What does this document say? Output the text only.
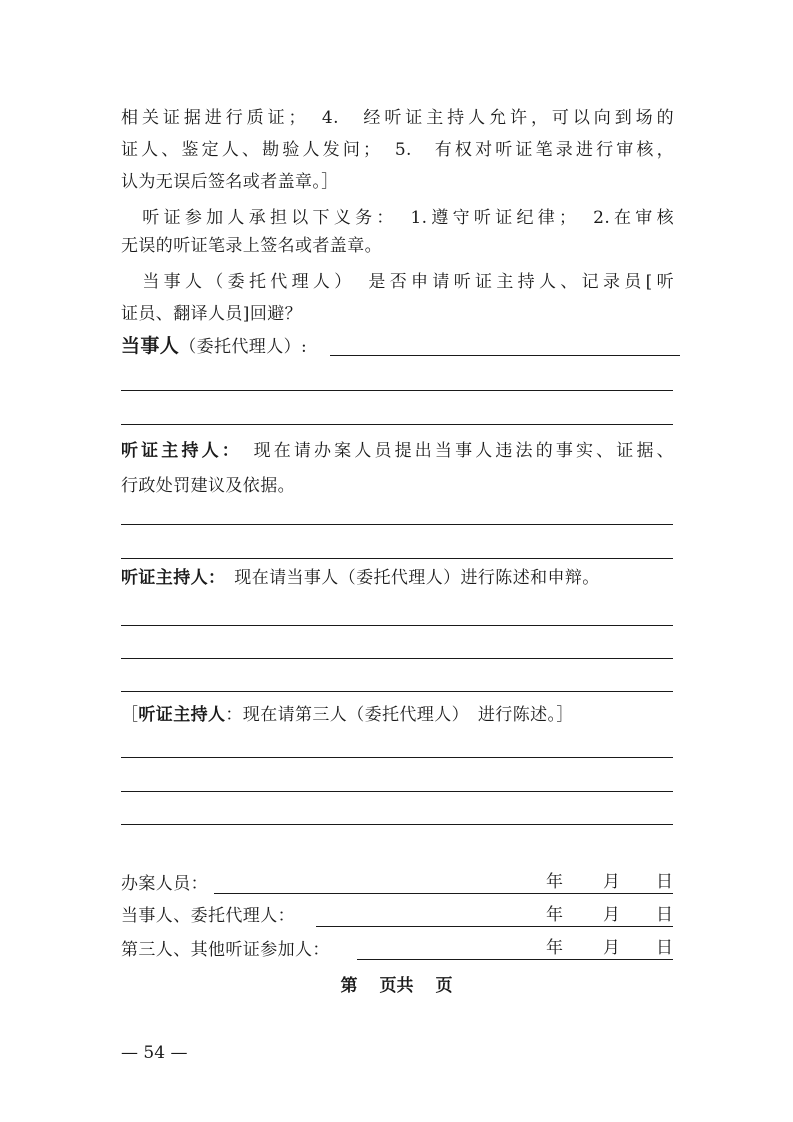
相关证据进行质证；　4.　经听证主持人允许，可以向到场的
证人、鉴定人、勘验人发问；　5.　有权对听证笔录进行审核，
认为无误后签名或者盖章。］
　听证参加人承担以下义务：　1.遵守听证纪律；　2.在审核
无误的听证笔录上签名或者盖章。
　当事人（委托代理人）　是否申请听证主持人、记录员[听
证员、翻译人员]回避？
当事人（委托代理人）:
听证主持人：　现在请办案人员提出当事人违法的事实、证据、
行政处罚建议及依据。
听证主持人：　现在请当事人（委托代理人）进行陈述和申辩。
［听证主持人：现在请第三人（委托代理人）　进行陈述。］
办案人员：	年 月 日
当事人、委托代理人：	年 月 日
第三人、其他听证参加人：	年 月 日
第 页共 页
— 54 —
